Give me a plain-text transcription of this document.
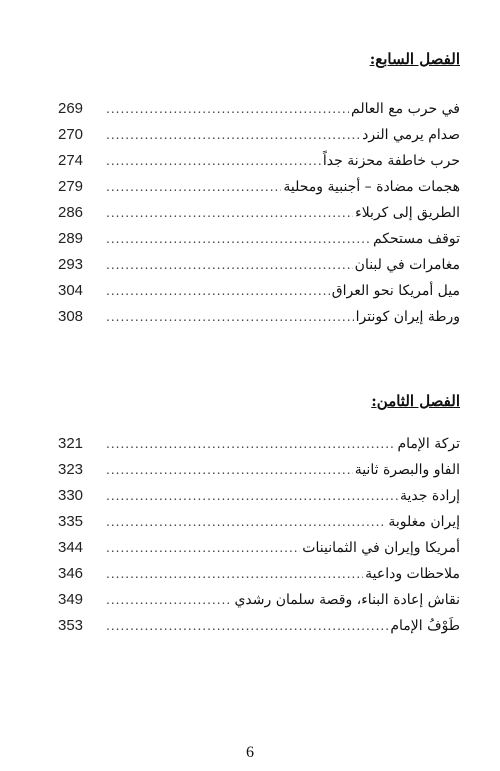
الفصل السابع:
269	في حرب مع العالم
.....
270	صدام يرمي النرد
.....
274	حرب خاطفة محزنة جداً
.....
279	هجمات مضادة – أجنبية ومحلية
.....
286	الطريق إلى كربلاء
.....
289	توقف مستحكم
.....
293	مغامرات في لبنان
.....
304	ميل أمريكا نحو العراق
.....
308	ورطة إيران كونترا
.....
الفصل الثامن:
321	تركة الإمام
.....
323	الفاو والبصرة ثانية
.....
330	إرادة جدية
.....
335	إيران مغلوبة
.....
344	أمريكا وإيران في الثمانينات
.....
346	ملاحظات وداعية
.....
349	نقاش إعادة البناء، وقصة سلمان رشدي
.....
353	طَوْفُ الإمام
.....
6
